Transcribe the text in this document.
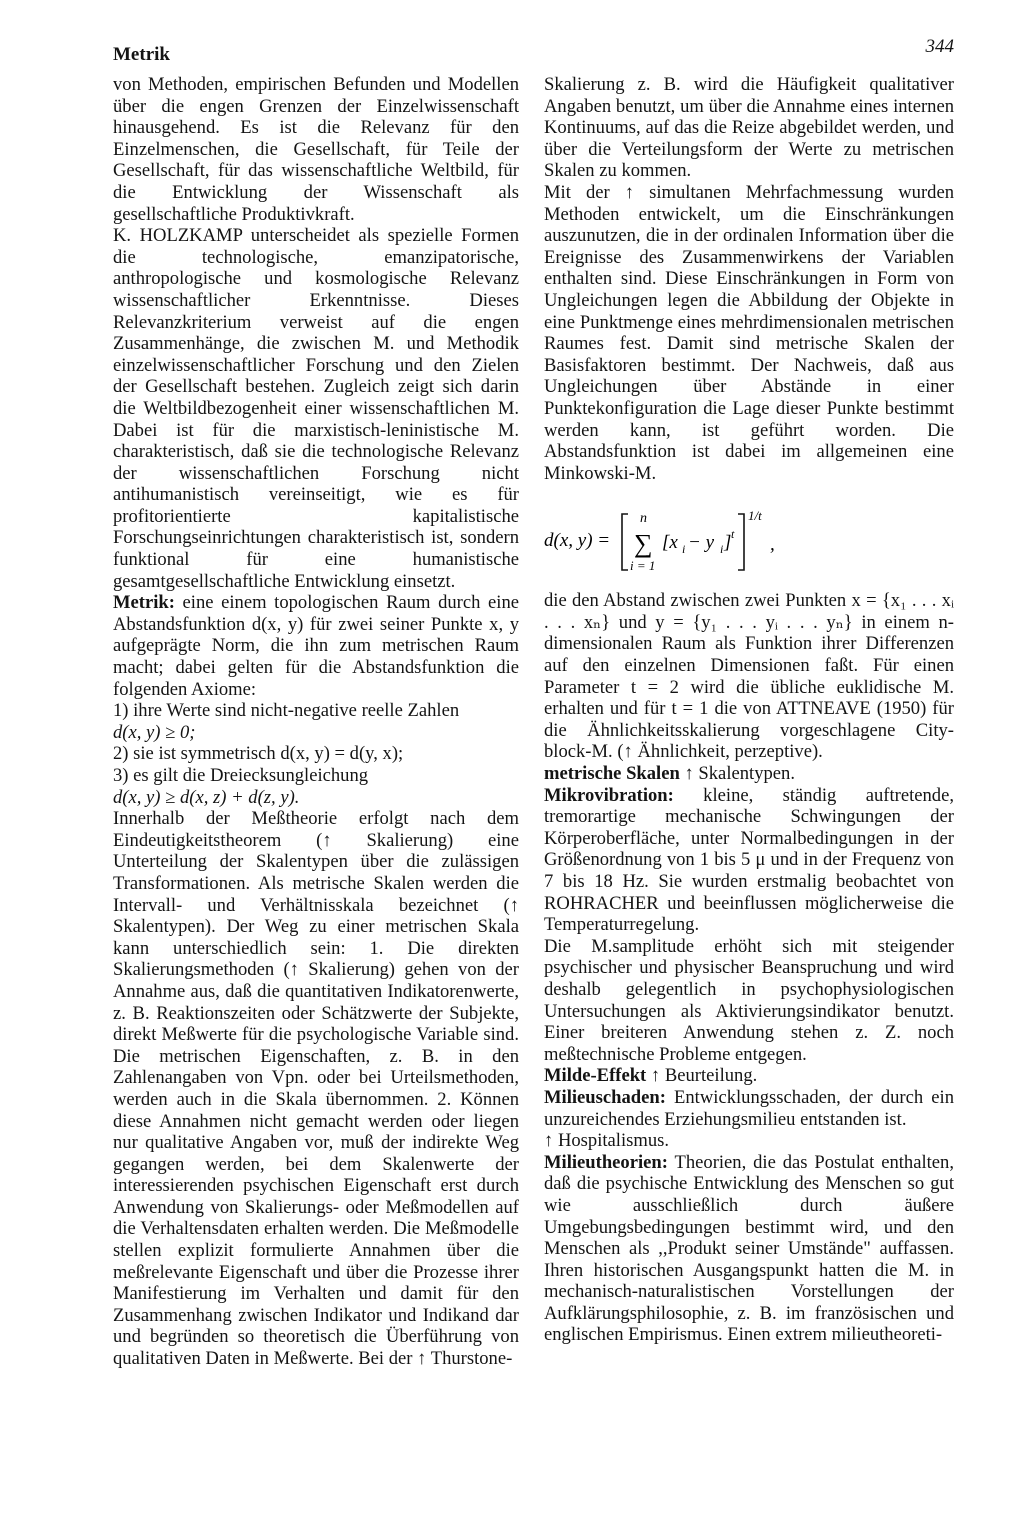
Metrik	344

von Methoden, empirischen Befunden und Modellen über die engen Grenzen der Einzelwissenschaft hinausgehend. Es ist die Relevanz für den Einzelmenschen, die Gesellschaft, für Teile der Gesellschaft, für das wissenschaftliche Weltbild, für die Entwicklung der Wissenschaft als gesellschaftliche Produktivkraft.

K. HOLZKAMP unterscheidet als spezielle Formen die technologische, emanzipatorische, anthropologische und kosmologische Relevanz wissenschaftlicher Erkenntnisse. Dieses Relevanzkriterium verweist auf die engen Zusammenhänge, die zwischen M. und Methodik einzelwissenschaftlicher Forschung und den Zielen der Gesellschaft bestehen. Zugleich zeigt sich darin die Weltbildbezogenheit einer wissenschaftlichen M. Dabei ist für die marxistisch-leninistische M. charakteristisch, daß sie die technologische Relevanz der wissenschaftlichen Forschung nicht antihumanistisch vereinseitigt, wie es für profitorientierte kapitalistische Forschungseinrichtungen charakteristisch ist, sondern funktional für eine humanistische gesamtgesellschaftliche Entwicklung einsetzt.

Metrik: eine einem topologischen Raum durch eine Abstandsfunktion d(x, y) für zwei seiner Punkte x, y aufgeprägte Norm, die ihn zum metrischen Raum macht; dabei gelten für die Abstandsfunktion die folgenden Axiome:

1) ihre Werte sind nicht-negative reelle Zahlen

d(x, y) ≥ 0;

2) sie ist symmetrisch d(x, y) = d(y, x);

3) es gilt die Dreiecksungleichung

d(x, y) ≥ d(x, z) + d(z, y).

Innerhalb der Meßtheorie erfolgt nach dem Eindeutigkeitstheorem (↑ Skalierung) eine Unterteilung der Skalentypen über die zulässigen Transformationen. Als metrische Skalen werden die Intervall- und Verhältnisskala bezeichnet (↑ Skalentypen). Der Weg zu einer metrischen Skala kann unterschiedlich sein: 1. Die direkten Skalierungsmethoden (↑ Skalierung) gehen von der Annahme aus, daß die quantitativen Indikatorenwerte, z. B. Reaktionszeiten oder Schätzwerte der Subjekte, direkt Meßwerte für die psychologische Variable sind. Die metrischen Eigenschaften, z. B. in den Zahlenangaben von Vpn. oder bei Urteilsmethoden, werden auch in die Skala übernommen. 2. Können diese Annahmen nicht gemacht werden oder liegen nur qualitative Angaben vor, muß der indirekte Weg gegangen werden, bei dem Skalenwerte der interessierenden psychischen Eigenschaft erst durch Anwendung von Skalierungs- oder Meßmodellen auf die Verhaltensdaten erhalten werden. Die Meßmodelle stellen explizit formulierte Annahmen über die meßrelevante Eigenschaft und über die Prozesse ihrer Manifestierung im Verhalten und damit für den Zusammenhang zwischen Indikator und Indikand dar und begründen so theoretisch die Überführung von qualitativen Daten in Meßwerte. Bei der ↑ Thurstone-

Skalierung z. B. wird die Häufigkeit qualitativer Angaben benutzt, um über die Annahme eines internen Kontinuums, auf das die Reize abgebildet werden, und über die Verteilungsform der Werte zu metrischen Skalen zu kommen.

Mit der ↑ simultanen Mehrfachmessung wurden Methoden entwickelt, um die Einschränkungen auszunutzen, die in der ordinalen Information über die Ereignisse des Zusammenwirkens der Variablen enthalten sind. Diese Einschränkungen in Form von Ungleichungen legen die Abbildung der Objekte in eine Punktmenge eines mehrdimensionalen metrischen Raumes fest. Damit sind metrische Skalen der Basisfaktoren bestimmt. Der Nachweis, daß aus Ungleichungen über Abstände in einer Punktekonfiguration die Lage dieser Punkte bestimmt werden kann, ist geführt worden. Die Abstandsfunktion ist dabei im allgemeinen eine Minkowski-M.

d(x, y) =
n
∑
i = 1
[x i − y i ] t
1/t
,

die den Abstand zwischen zwei Punkten x = {x₁ . . . xᵢ . . . xₙ} und y = {y₁ . . . yᵢ . . . yₙ} in einem n-dimensionalen Raum als Funktion ihrer Differenzen auf den einzelnen Dimensionen faßt. Für einen Parameter t = 2 wird die übliche euklidische M. erhalten und für t = 1 die von ATTNEAVE (1950) für die Ähnlichkeitsskalierung vorgeschlagene City-block-M. (↑ Ähnlichkeit, perzeptive).

metrische Skalen ↑ Skalentypen.

Mikrovibration: kleine, ständig auftretende, tremorartige mechanische Schwingungen der Körperoberfläche, unter Normalbedingungen in der Größenordnung von 1 bis 5 μ und in der Frequenz von 7 bis 18 Hz. Sie wurden erstmalig beobachtet von ROHRACHER und beeinflussen möglicherweise die Temperaturregelung.

Die M.samplitude erhöht sich mit steigender psychischer und physischer Beanspruchung und wird deshalb gelegentlich in psychophysiologischen Untersuchungen als Aktivierungsindikator benutzt. Einer breiteren Anwendung stehen z. Z. noch meßtechnische Probleme entgegen.

Milde-Effekt ↑ Beurteilung.

Milieuschaden: Entwicklungsschaden, der durch ein unzureichendes Erziehungsmilieu entstanden ist.

↑ Hospitalismus.

Milieutheorien: Theorien, die das Postulat enthalten, daß die psychische Entwicklung des Menschen so gut wie ausschließlich durch äußere Umgebungsbedingungen bestimmt wird, und den Menschen als ,,Produkt seiner Umstände" auffassen. Ihren historischen Ausgangspunkt hatten die M. in mechanisch-naturalistischen Vorstellungen der Aufklärungsphilosophie, z. B. im französischen und englischen Empirismus. Einen extrem milieutheoreti-
